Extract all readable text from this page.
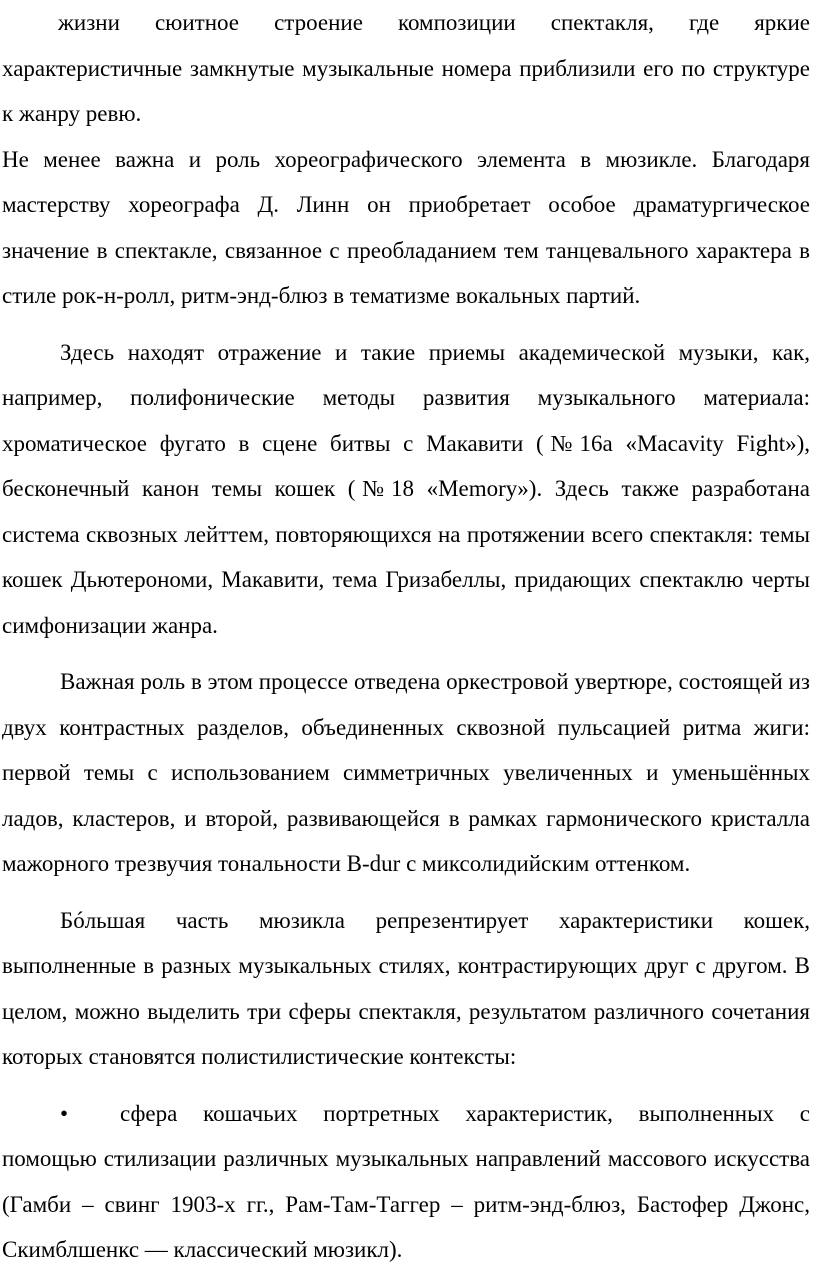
жизни сюитное строение композиции спектакля, где яркие характеристичные замкнутые музыкальные номера приблизили его по структуре к жанру ревю.

Не менее важна и роль хореографического элемента в мюзикле. Благодаря мастерству хореографа Д. Линн он приобретает особое драматургическое значение в спектакле, связанное с преобладанием тем танцевального характера в стиле рок-н-ролл, ритм-энд-блюз в тематизме вокальных партий.

Здесь находят отражение и такие приемы академической музыки, как, например, полифонические методы развития музыкального материала: хроматическое фугато в сцене битвы с Макавити (№16а «Macavity Fight»), бесконечный канон темы кошек (№18 «Memory»). Здесь также разработана система сквозных лейттем, повторяющихся на протяжении всего спектакля: темы кошек Дьютерономи, Макавити, тема Гризабеллы, придающих спектаклю черты симфонизации жанра.

Важная роль в этом процессе отведена оркестровой увертюре, состоящей из двух контрастных разделов, объединенных сквозной пульсацией ритма жиги: первой темы с использованием симметричных увеличенных и уменьшённых ладов, кластеров, и второй, развивающейся в рамках гармонического кристалла мажорного трезвучия тональности B-dur с миксолидийским оттенком.

Бóльшая часть мюзикла репрезентирует характеристики кошек, выполненные в разных музыкальных стилях, контрастирующих друг с другом. В целом, можно выделить три сферы спектакля, результатом различного сочетания которых становятся полистилистические контексты:

• сфера кошачьих портретных характеристик, выполненных с помощью стилизации различных музыкальных направлений массового искусства (Гамби – свинг 1903-х гг., Рам-Там-Таггер – ритм-энд-блюз, Бастофер Джонс, Скимблшенкс — классический мюзикл).
